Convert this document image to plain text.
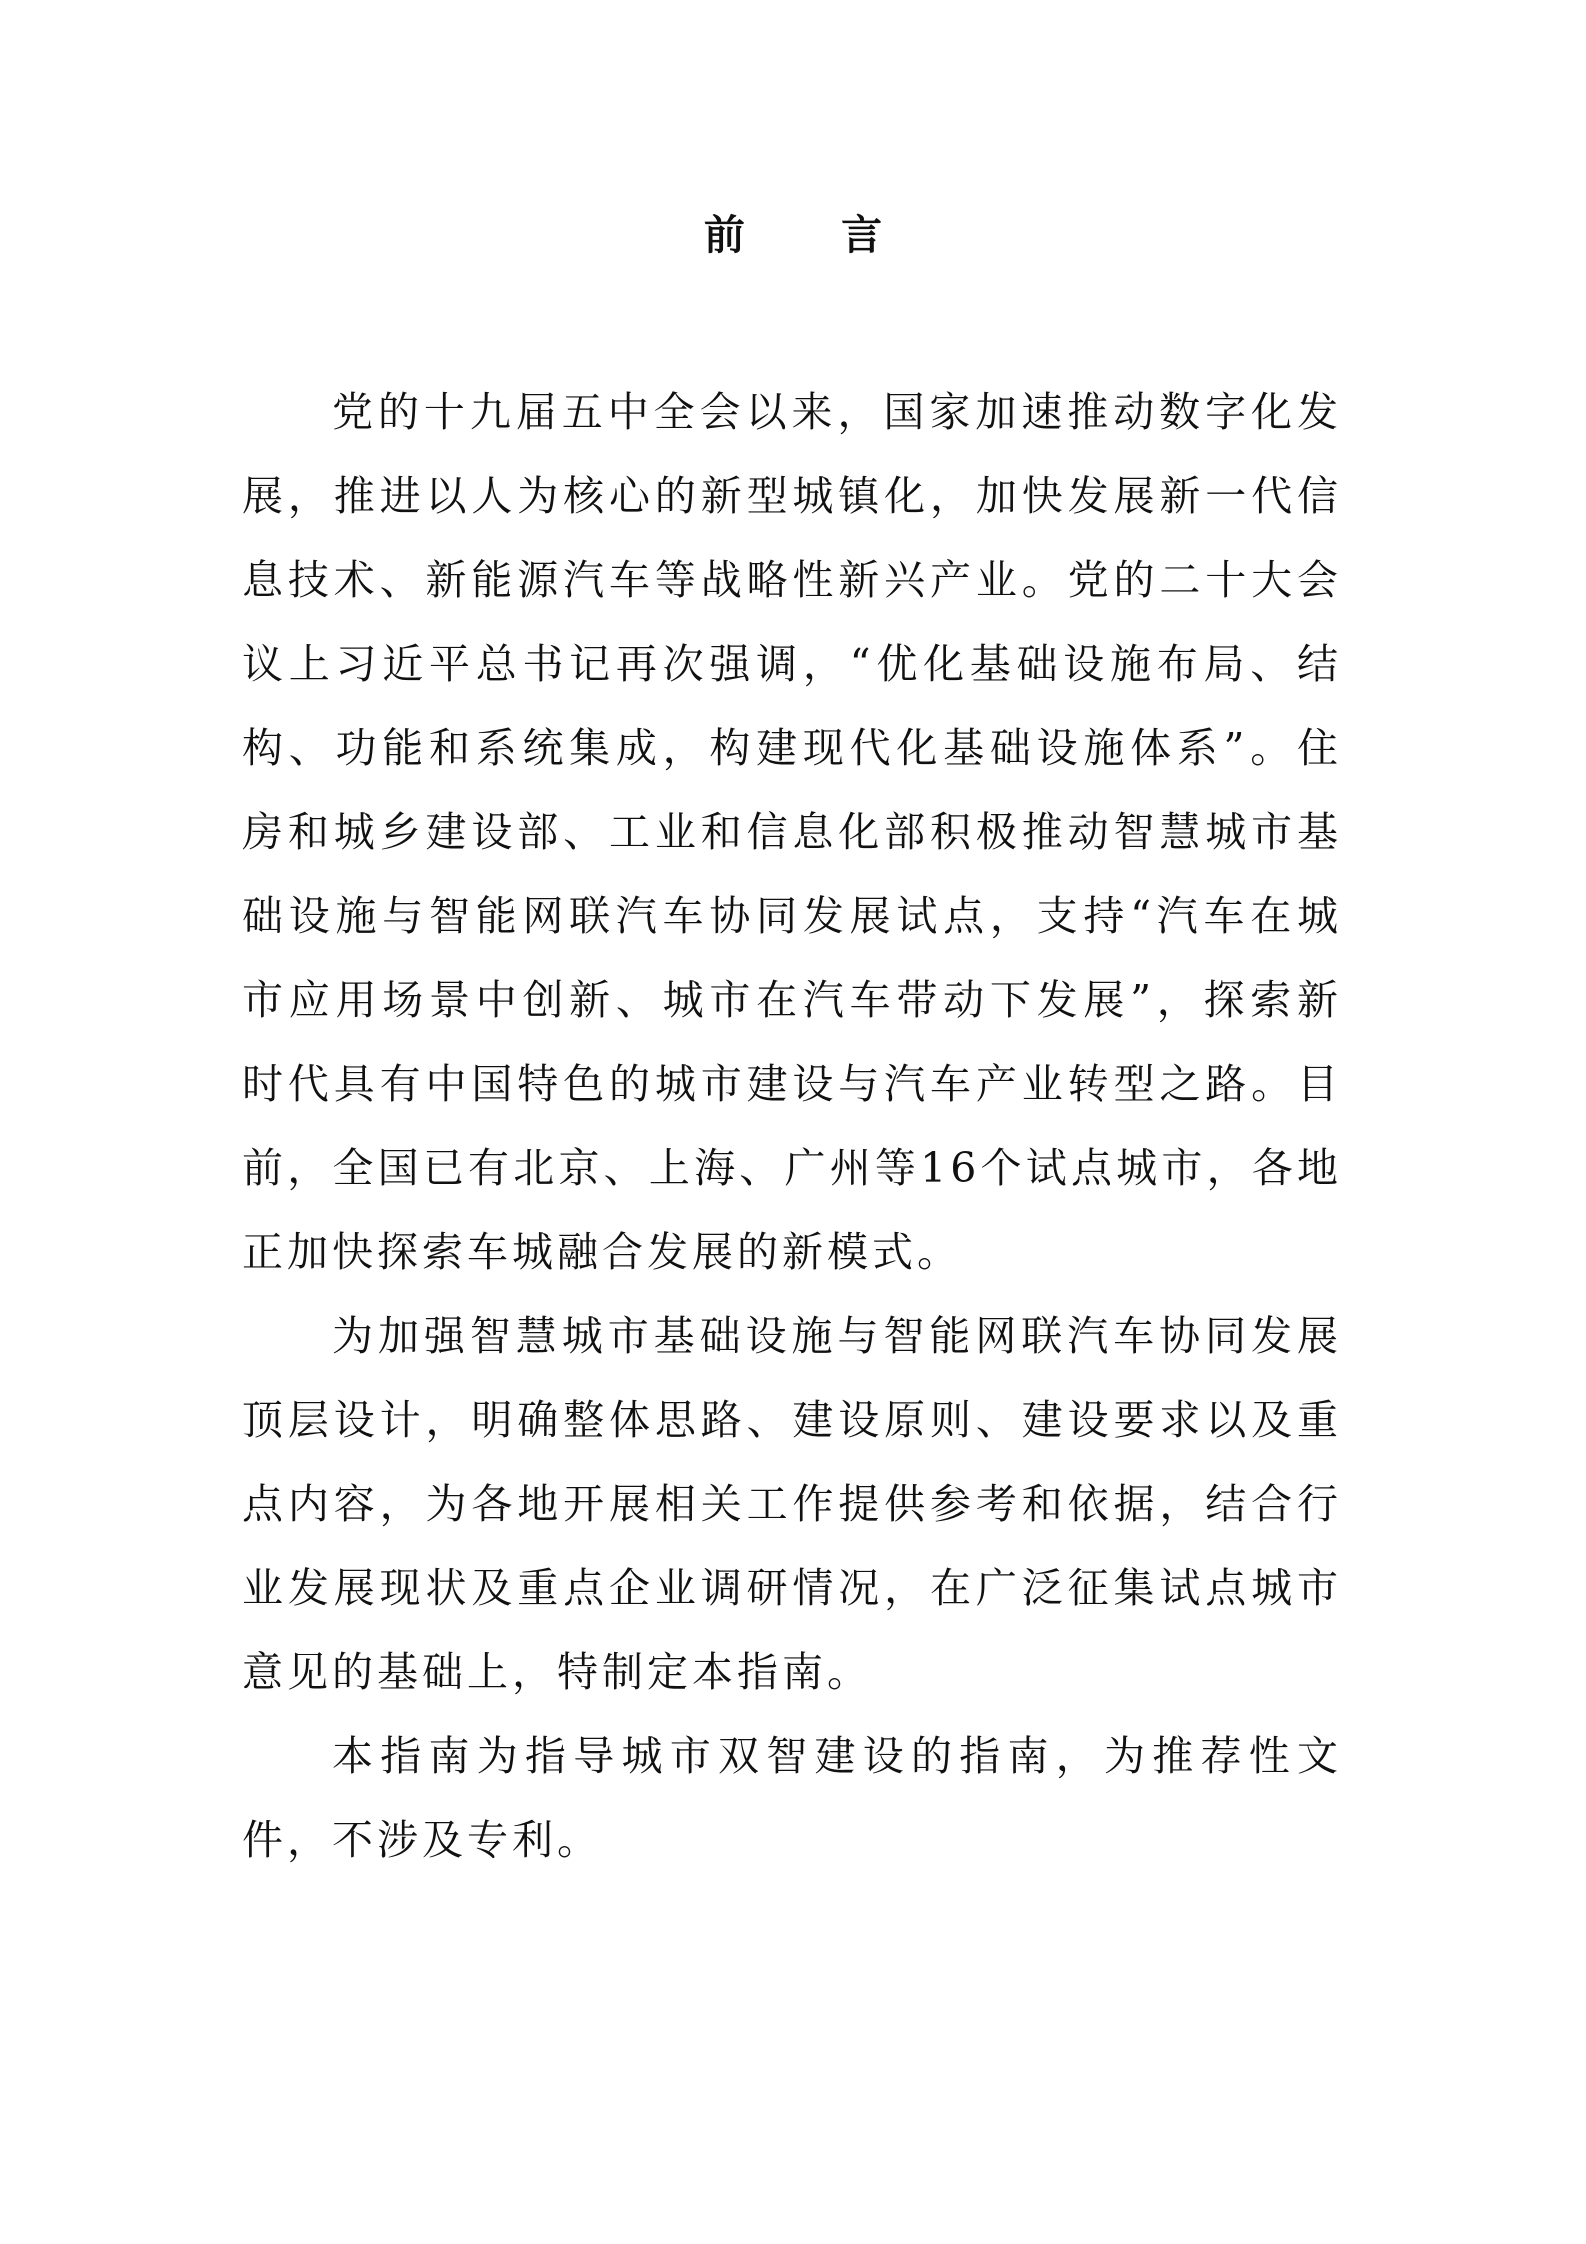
前 言

党的十九届五中全会以来，国家加速推动数字化发展，推进以人为核心的新型城镇化，加快发展新一代信息技术、新能源汽车等战略性新兴产业。党的二十大会议上习近平总书记再次强调，“优化基础设施布局、结构、功能和系统集成，构建现代化基础设施体系”。住房和城乡建设部、工业和信息化部积极推动智慧城市基础设施与智能网联汽车协同发展试点，支持“汽车在城市应用场景中创新、城市在汽车带动下发展”，探索新时代具有中国特色的城市建设与汽车产业转型之路。目前，全国已有北京、上海、广州等16个试点城市，各地正加快探索车城融合发展的新模式。

为加强智慧城市基础设施与智能网联汽车协同发展顶层设计，明确整体思路、建设原则、建设要求以及重点内容，为各地开展相关工作提供参考和依据，结合行业发展现状及重点企业调研情况，在广泛征集试点城市意见的基础上，特制定本指南。

本指南为指导城市双智建设的指南，为推荐性文件，不涉及专利。
